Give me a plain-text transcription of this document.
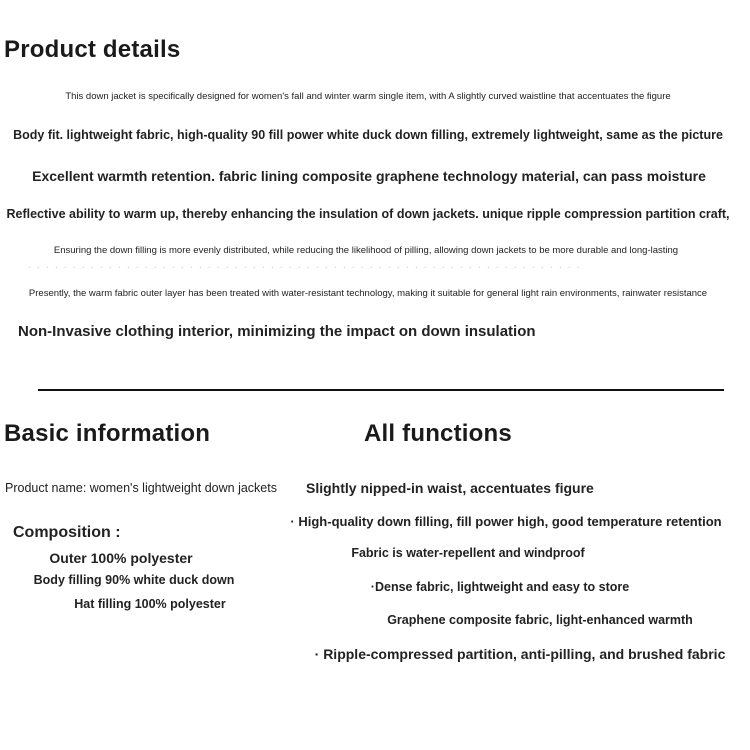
Product details
This down jacket is specifically designed for women's fall and winter warm single item, with A slightly curved waistline that accentuates the figure
Body fit. lightweight fabric, high-quality 90 fill power white duck down filling, extremely lightweight, same as the picture
Excellent warmth retention. fabric lining composite graphene technology material, can pass moisture
Reflective ability to warm up, thereby enhancing the insulation of down jackets. unique ripple compression partition craft,
Ensuring the down filling is more evenly distributed, while reducing the likelihood of pilling, allowing down jackets to be more durable and long-lasting
. . . . . . . . . . . . . . . . . . . . . . . . . . . . . . . . . . . . . . . . . . . . . . . . . . . . . . . . . . . . . .
Presently, the warm fabric outer layer has been treated with water-resistant technology, making it suitable for general light rain environments, rainwater resistance
Non-Invasive clothing interior, minimizing the impact on down insulation
Basic information
Product name: women's lightweight down jackets
Composition :
Outer 100% polyester
Body filling 90% white duck down
Hat filling 100% polyester
All functions
Slightly nipped-in waist, accentuates figure
· High-quality down filling, fill power high, good temperature retention
Fabric is water-repellent and windproof
·Dense fabric, lightweight and easy to store
Graphene composite fabric, light-enhanced warmth
· Ripple-compressed partition, anti-pilling, and brushed fabric
